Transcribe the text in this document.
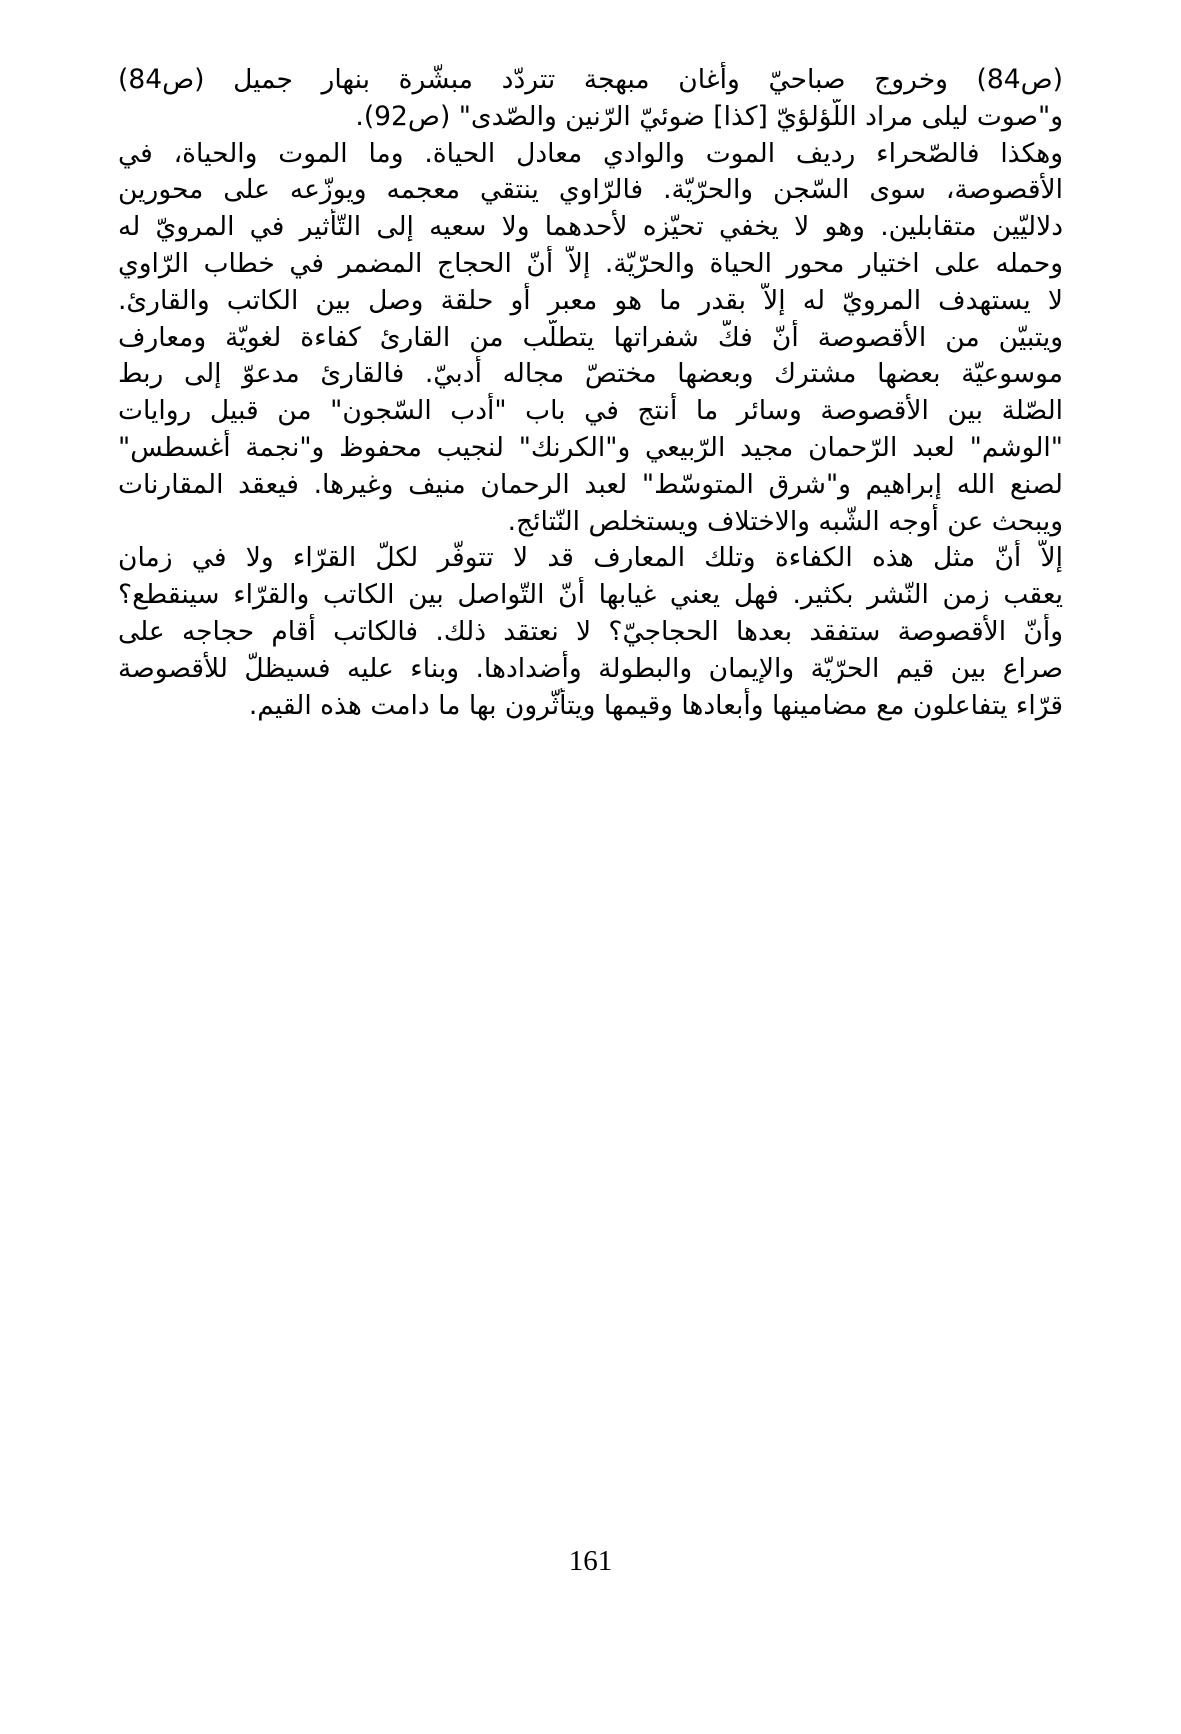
(ص84) وخروج صباحيّ وأغان مبهجة تتردّد مبشّرة بنهار جميل (ص84)
و"صوت ليلى مراد اللّؤلؤيّ [كذا] ضوئيّ الرّنين والصّدى" (ص92).
وهكذا فالصّحراء رديف الموت والوادي معادل الحياة. وما الموت والحياة، في
الأقصوصة، سوى السّجن والحرّيّة. فالرّاوي ينتقي معجمه ويوزّعه على محورين
دلاليّين متقابلين. وهو لا يخفي تحيّزه لأحدهما ولا سعيه إلى التّأثير في المرويّ له
وحمله على اختيار محور الحياة والحرّيّة. إلاّ أنّ الحجاج المضمر في خطاب الرّاوي
لا يستهدف المرويّ له إلاّ بقدر ما هو معبر أو حلقة وصل بين الكاتب والقارئ.
ويتبيّن من الأقصوصة أنّ فكّ شفراتها يتطلّب من القارئ كفاءة لغويّة ومعارف
موسوعيّة بعضها مشترك وبعضها مختصّ مجاله أدبيّ. فالقارئ مدعوّ إلى ربط
الصّلة بين الأقصوصة وسائر ما أنتج في باب "أدب السّجون" من قبيل روايات
"الوشم" لعبد الرّحمان مجيد الرّبيعي و"الكرنك" لنجيب محفوظ و"نجمة أغسطس"
لصنع الله إبراهيم و"شرق المتوسّط" لعبد الرحمان منيف وغيرها. فيعقد المقارنات
ويبحث عن أوجه الشّبه والاختلاف ويستخلص النّتائج.
إلاّ أنّ مثل هذه الكفاءة وتلك المعارف قد لا تتوفّر لكلّ القرّاء ولا في زمان
يعقب زمن النّشر بكثير. فهل يعني غيابها أنّ التّواصل بين الكاتب والقرّاء سينقطع؟
وأنّ الأقصوصة ستفقد بعدها الحجاجيّ؟ لا نعتقد ذلك. فالكاتب أقام حجاجه على
صراع بين قيم الحرّيّة والإيمان والبطولة وأضدادها. وبناء عليه فسيظلّ للأقصوصة
قرّاء يتفاعلون مع مضامينها وأبعادها وقيمها ويتأثّرون بها ما دامت هذه القيم.
161
